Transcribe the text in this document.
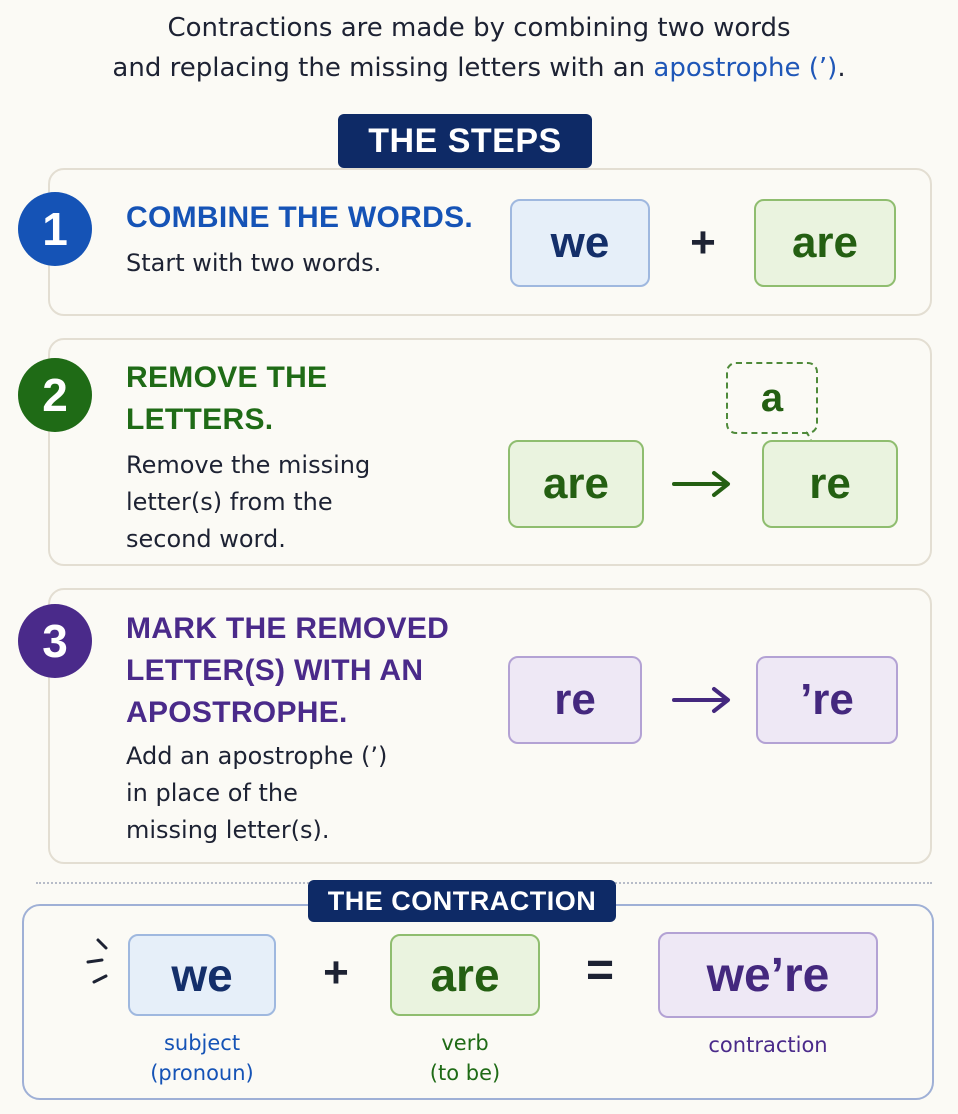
Contractions are made by combining two words
and replacing the missing letters with an apostrophe (’).
THE STEPS
1	COMBINE THE WORDS.
Start with two words.	we	+	are
2	REMOVE THE
LETTERS.
Remove the missing
letter(s) from the
second word.
are
a
re
3	MARK THE REMOVED
LETTER(S) WITH AN
APOSTROPHE.
Add an apostrophe (’)
in place of the
missing letter(s).
re	’re
THE CONTRACTION
we
subject
(pronoun)
+	are
verb
(to be)
=	we’re
contraction
